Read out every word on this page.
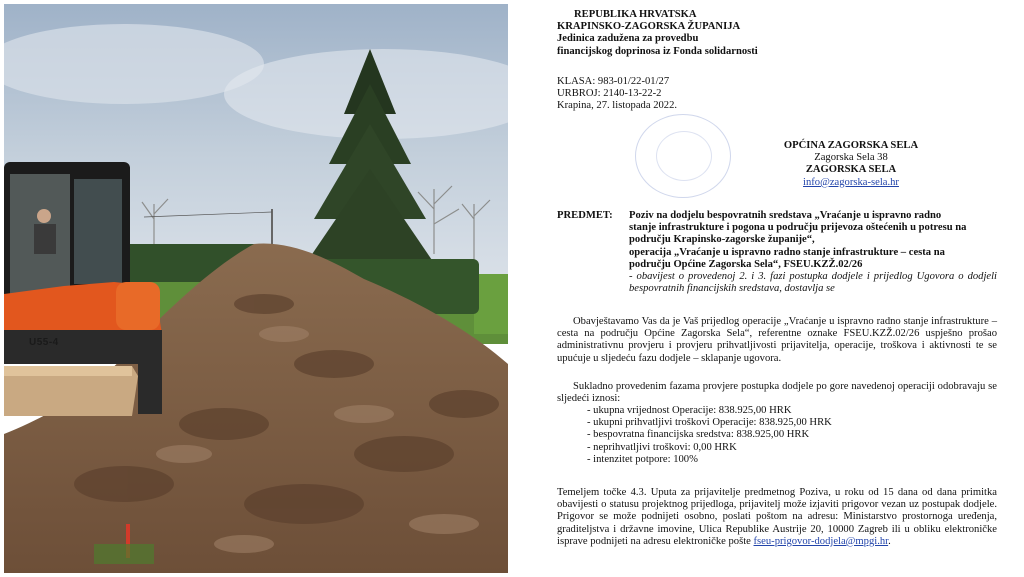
U55-4
REPUBLIKA HRVATSKA
KRAPINSKO-ZAGORSKA ŽUPANIJA
Jedinica zadužena za provedbu
financijskog doprinosa iz Fonda solidarnosti
KLASA: 983-01/22-01/27
URBROJ: 2140-13-22-2
Krapina, 27. listopada 2022.
OPĆINA ZAGORSKA SELA
Zagorska Sela 38
ZAGORSKA SELA
info@zagorska-sela.hr
PREDMET: Poziv na dodjelu bespovratnih sredstava „Vraćanje u ispravno radno
stanje infrastrukture i pogona u području prijevoza oštećenih u potresu na
području Krapinsko-zagorske županije“,
operacija „Vraćanje u ispravno radno stanje infrastrukture – cesta na
području Općine Zagorska Sela“, FSEU.KZŽ.02/26
- obavijest o provedenoj 2. i 3. fazi postupka dodjele i prijedlog Ugovora o dodjeli bespovratnih financijskih sredstava, dostavlja se
Obavještavamo Vas da je Vaš prijedlog operacije „Vraćanje u ispravno radno stanje infrastrukture – cesta na području Općine Zagorska Sela“, referentne oznake FSEU.KZŽ.02/26 uspješno prošao administrativnu provjeru i provjeru prihvatljivosti prijavitelja, operacije, troškova i aktivnosti te se upućuje u sljedeću fazu dodjele – sklapanje ugovora.
Sukladno provedenim fazama provjere postupka dodjele po gore navedenoj operaciji odobravaju se sljedeći iznosi:
- ukupna vrijednost Operacije: 838.925,00 HRK
- ukupni prihvatljivi troškovi Operacije: 838.925,00 HRK
- bespovratna financijska sredstva: 838.925,00 HRK
- neprihvatljivi troškovi: 0,00 HRK
- intenzitet potpore: 100%
Temeljem točke 4.3. Uputa za prijavitelje predmetnog Poziva, u roku od 15 dana od dana primitka obavijesti o statusu projektnog prijedloga, prijavitelj može izjaviti prigovor vezan uz postupak dodjele. Prigovor se može podnijeti osobno, poslati poštom na adresu: Ministarstvo prostornoga uređenja, graditeljstva i državne imovine, Ulica Republike Austrije 20, 10000 Zagreb ili u obliku elektroničke isprave podnijeti na adresu elektroničke pošte fseu-prigovor-dodjela@mpgi.hr.
